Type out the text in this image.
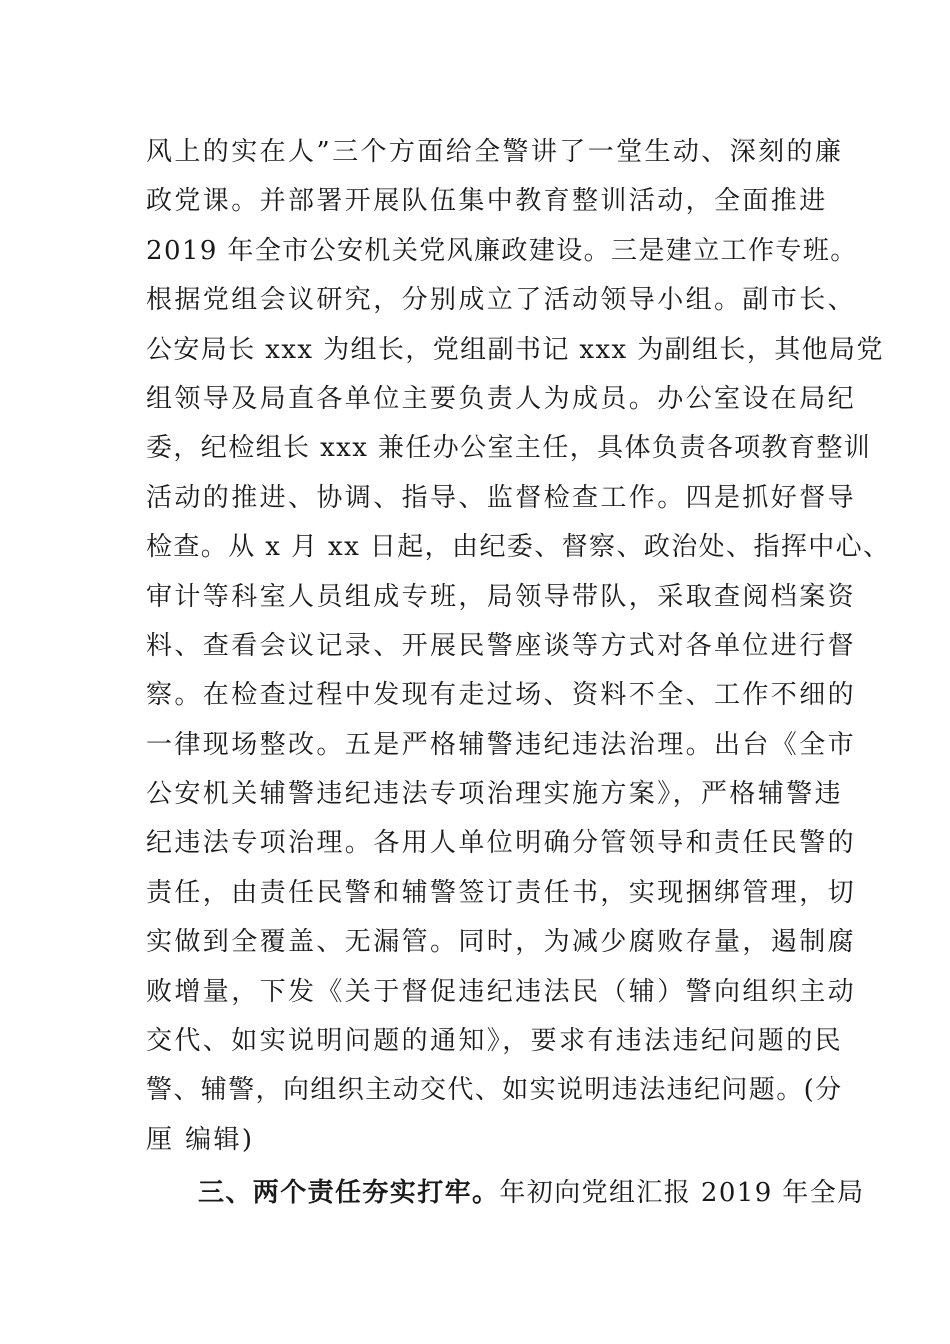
风上的实在人”三个方面给全警讲了一堂生动、深刻的廉
政党课。并部署开展队伍集中教育整训活动，全面推进
2019 年全市公安机关党风廉政建设。三是建立工作专班。
根据党组会议研究，分别成立了活动领导小组。副市长、
公安局长 xxx 为组长，党组副书记 xxx 为副组长，其他局党
组领导及局直各单位主要负责人为成员。办公室设在局纪
委，纪检组长 xxx 兼任办公室主任，具体负责各项教育整训
活动的推进、协调、指导、监督检查工作。四是抓好督导
检查。从 x 月 xx 日起，由纪委、督察、政治处、指挥中心、
审计等科室人员组成专班，局领导带队，采取查阅档案资
料、查看会议记录、开展民警座谈等方式对各单位进行督
察。在检查过程中发现有走过场、资料不全、工作不细的
一律现场整改。五是严格辅警违纪违法治理。出台《全市
公安机关辅警违纪违法专项治理实施方案》，严格辅警违
纪违法专项治理。各用人单位明确分管领导和责任民警的
责任，由责任民警和辅警签订责任书，实现捆绑管理，切
实做到全覆盖、无漏管。同时，为减少腐败存量，遏制腐
败增量，下发《关于督促违纪违法民（辅）警向组织主动
交代、如实说明问题的通知》，要求有违法违纪问题的民
警、辅警，向组织主动交代、如实说明违法违纪问题。(分
厘 编辑)
三、两个责任夯实打牢。年初向党组汇报 2019 年全局
